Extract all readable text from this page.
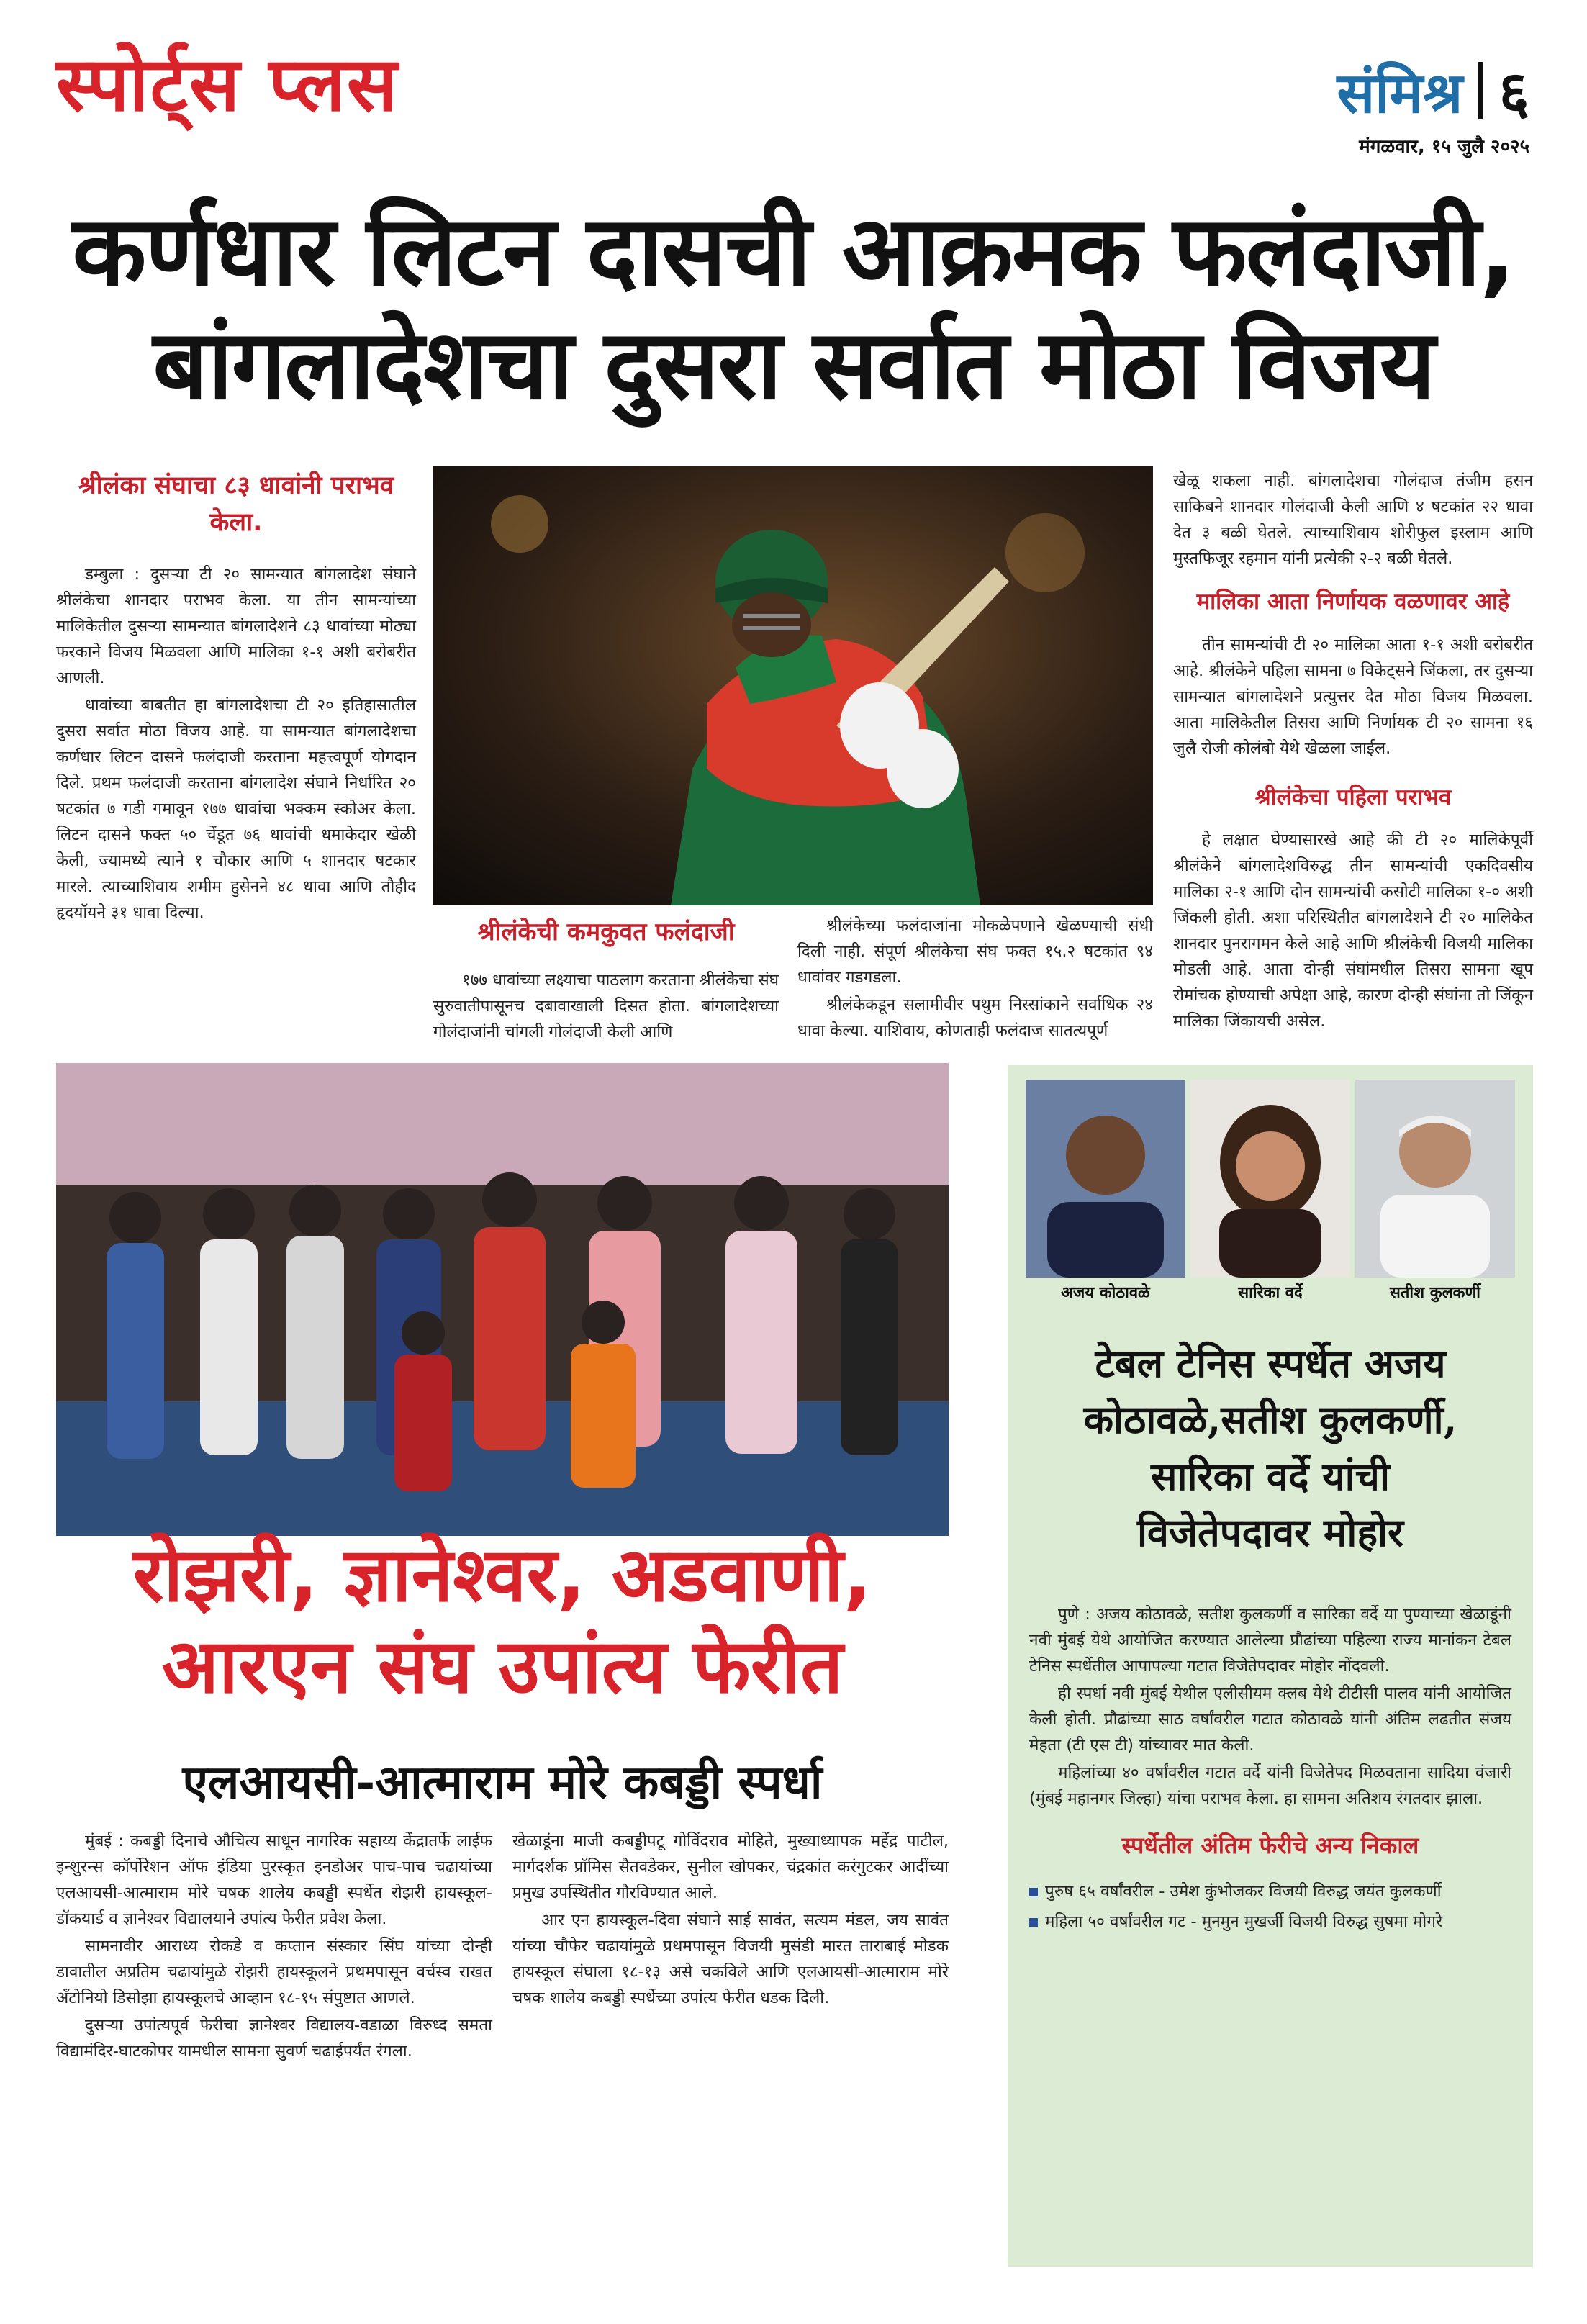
स्पोर्ट्स प्लस	संमिश्र ६
मंगळवार, १५ जुलै २०२५
कर्णधार लिटन दासची आक्रमक फलंदाजी,
बांगलादेशचा दुसरा सर्वात मोठा विजय
श्रीलंका संघाचा ८३ धावांनी पराभव केला.

डम्बुला : दुसऱ्या टी २० सामन्यात बांगलादेश संघाने श्रीलंकेचा शानदार पराभव केला. या तीन सामन्यांच्या मालिकेतील दुसऱ्या सामन्यात बांगलादेशने ८३ धावांच्या मोठ्या फरकाने विजय मिळवला आणि मालिका १-१ अशी बरोबरीत आणली.

धावांच्या बाबतीत हा बांगलादेशचा टी २० इतिहासातील दुसरा सर्वात मोठा विजय आहे. या सामन्यात बांगलादेशचा कर्णधार लिटन दासने फलंदाजी करताना महत्त्वपूर्ण योगदान दिले. प्रथम फलंदाजी करताना बांगलादेश संघाने निर्धारित २० षटकांत ७ गडी गमावून १७७ धावांचा भक्कम स्कोअर केला. लिटन दासने फक्त ५० चेंडूत ७६ धावांची धमाकेदार खेळी केली, ज्यामध्ये त्याने १ चौकार आणि ५ शानदार षटकार मारले. त्याच्याशिवाय शमीम हुसेनने ४८ धावा आणि तौहीद हृदयॉयने ३१ धावा दिल्या.

श्रीलंकेची कमकुवत फलंदाजी

१७७ धावांच्या लक्ष्याचा पाठलाग करताना श्रीलंकेचा संघ सुरुवातीपासूनच दबावाखाली दिसत होता. बांगलादेशच्या गोलंदाजांनी चांगली गोलंदाजी केली आणि

श्रीलंकेच्या फलंदाजांना मोकळेपणाने खेळण्याची संधी दिली नाही. संपूर्ण श्रीलंकेचा संघ फक्त १५.२ षटकांत ९४ धावांवर गडगडला.

श्रीलंकेकडून सलामीवीर पथुम निस्सांकाने सर्वाधिक २४ धावा केल्या. याशिवाय, कोणताही फलंदाज सातत्यपूर्ण

खेळू शकला नाही. बांगलादेशचा गोलंदाज तंजीम हसन साकिबने शानदार गोलंदाजी केली आणि ४ षटकांत २२ धावा देत ३ बळी घेतले. त्याच्याशिवाय शोरीफुल इस्लाम आणि मुस्तफिजूर रहमान यांनी प्रत्येकी २-२ बळी घेतले.

मालिका आता निर्णायक वळणावर आहे

तीन सामन्यांची टी २० मालिका आता १-१ अशी बरोबरीत आहे. श्रीलंकेने पहिला सामना ७ विकेट्सने जिंकला, तर दुसऱ्या सामन्यात बांगलादेशने प्रत्युत्तर देत मोठा विजय मिळवला. आता मालिकेतील तिसरा आणि निर्णायक टी २० सामना १६ जुलै रोजी कोलंबो येथे खेळला जाईल.

श्रीलंकेचा पहिला पराभव

हे लक्षात घेण्यासारखे आहे की टी २० मालिकेपूर्वी श्रीलंकेने बांगलादेशविरुद्ध तीन सामन्यांची एकदिवसीय मालिका २-१ आणि दोन सामन्यांची कसोटी मालिका १-० अशी जिंकली होती. अशा परिस्थितीत बांगलादेशने टी २० मालिकेत शानदार पुनरागमन केले आहे आणि श्रीलंकेची विजयी मालिका मोडली आहे. आता दोन्ही संघांमधील तिसरा सामना खूप रोमांचक होण्याची अपेक्षा आहे, कारण दोन्ही संघांना तो जिंकून मालिका जिंकायची असेल.

रोझरी, ज्ञानेश्वर, अडवाणी,
आरएन संघ उपांत्य फेरीत
एलआयसी-आत्माराम मोरे कबड्डी स्पर्धा

मुंबई : कबड्डी दिनाचे औचित्य साधून नागरिक सहाय्य केंद्रातर्फे लाईफ इन्शुरन्स कॉर्पोरेशन ऑफ इंडिया पुरस्कृत इनडोअर पाच-पाच चढायांच्या एलआयसी-आत्माराम मोरे चषक शालेय कबड्डी स्पर्धेत रोझरी हायस्कूल-डॉकयार्ड व ज्ञानेश्वर विद्यालयाने उपांत्य फेरीत प्रवेश केला.

सामनावीर आराध्य रोकडे व कप्तान संस्कार सिंघ यांच्या दोन्ही डावातील अप्रतिम चढायांमुळे रोझरी हायस्कूलने प्रथमपासून वर्चस्व राखत अँटोनियो डिसोझा हायस्कूलचे आव्हान १८-१५ संपुष्टात आणले.

दुसऱ्या उपांत्यपूर्व फेरीचा ज्ञानेश्वर विद्यालय-वडाळा विरुध्द समता विद्यामंदिर-घाटकोपर यामधील सामना सुवर्ण चढाईपर्यंत रंगला.

खेळाडूंना माजी कबड्डीपटू गोविंदराव मोहिते, मुख्याध्यापक महेंद्र पाटील, मार्गदर्शक प्रॉमिस सैतवडेकर, सुनील खोपकर, चंद्रकांत करंगुटकर आदींच्या प्रमुख उपस्थितीत गौरविण्यात आले.

आर एन हायस्कूल-दिवा संघाने साई सावंत, सत्यम मंडल, जय सावंत यांच्या चौफेर चढायांमुळे प्रथमपासून विजयी मुसंडी मारत ताराबाई मोडक हायस्कूल संघाला १८-१३ असे चकविले आणि एलआयसी-आत्माराम मोरे चषक शालेय कबड्डी स्पर्धेच्या उपांत्य फेरीत धडक दिली.

अजय कोठावळे	सारिका वर्दे	सतीश कुलकर्णी
टेबल टेनिस स्पर्धेत अजय
कोठावळे,सतीश कुलकर्णी,
सारिका वर्दे यांची
विजेतेपदावर मोहोर

पुणे : अजय कोठावळे, सतीश कुलकर्णी व सारिका वर्दे या पुण्याच्या खेळाडूंनी नवी मुंबई येथे आयोजित करण्यात आलेल्या प्रौढांच्या पहिल्या राज्य मानांकन टेबल टेनिस स्पर्धेतील आपापल्या गटात विजेतेपदावर मोहोर नोंदवली.

ही स्पर्धा नवी मुंबई येथील एलीसीयम क्लब येथे टीटीसी पालव यांनी आयोजित केली होती. प्रौढांच्या साठ वर्षांवरील गटात कोठावळे यांनी अंतिम लढतीत संजय मेहता (टी एस टी) यांच्यावर मात केली.

महिलांच्या ४० वर्षांवरील गटात वर्दे यांनी विजेतेपद मिळवताना सादिया वंजारी (मुंबई महानगर जिल्हा) यांचा पराभव केला. हा सामना अतिशय रंगतदार झाला.

स्पर्धेतील अंतिम फेरीचे अन्य निकाल
पुरुष ६५ वर्षांवरील - उमेश कुंभोजकर विजयी विरुद्ध जयंत कुलकर्णी
महिला ५० वर्षांवरील गट - मुनमुन मुखर्जी विजयी विरुद्ध सुषमा मोगरे
